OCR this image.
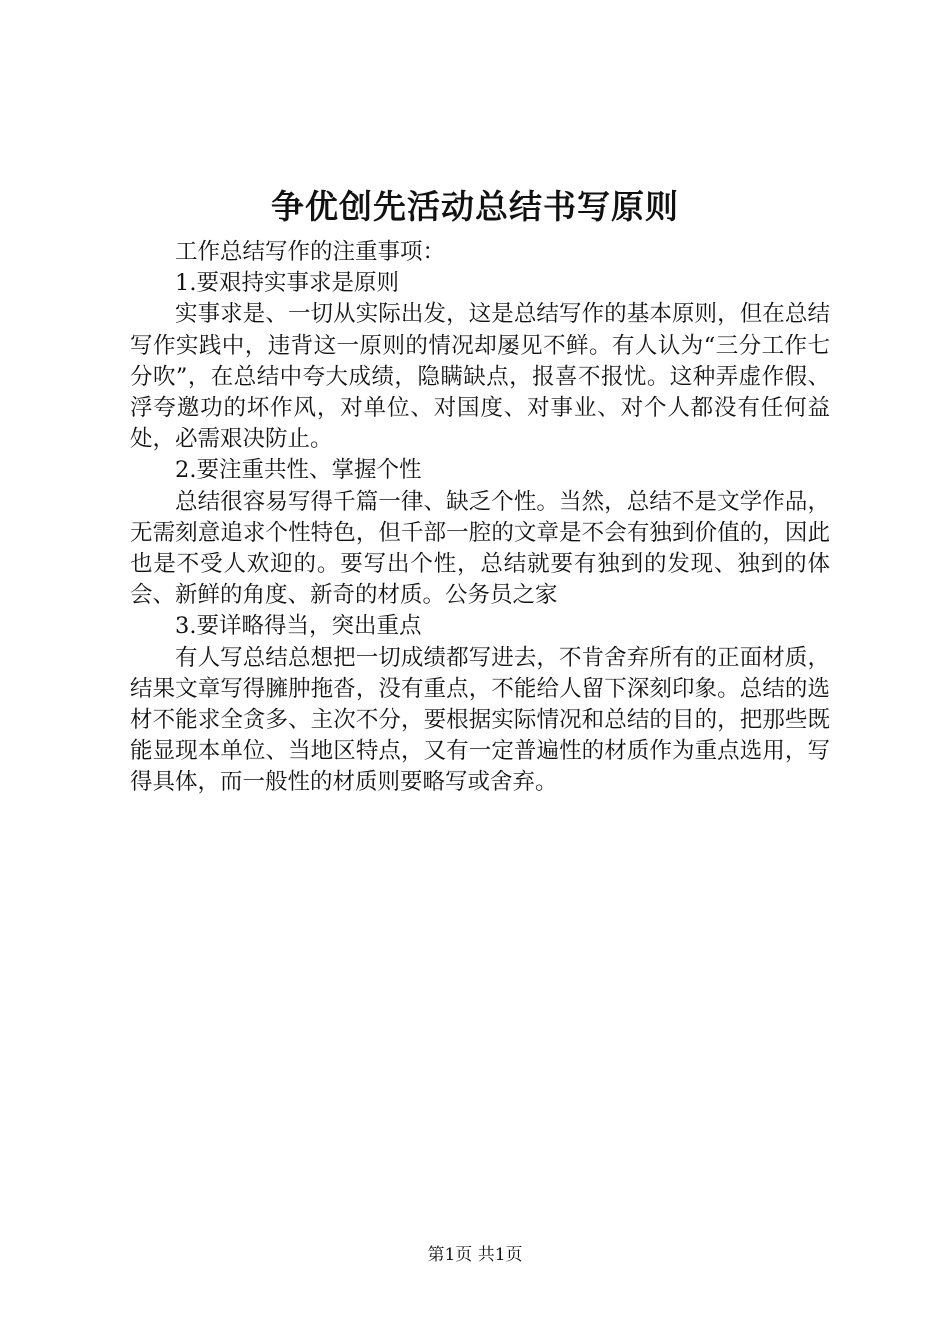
争优创先活动总结书写原则

工作总结写作的注重事项：

1.要艰持实事求是原则

实事求是、一切从实际出发，这是总结写作的基本原则，但在总结写作实践中，违背这一原则的情况却屡见不鲜。有人认为“三分工作七分吹”，在总结中夸大成绩，隐瞒缺点，报喜不报忧。这种弄虚作假、浮夸邀功的坏作风，对单位、对国度、对事业、对个人都没有任何益处，必需艰决防止。

2.要注重共性、掌握个性

总结很容易写得千篇一律、缺乏个性。当然，总结不是文学作品，无需刻意追求个性特色，但千部一腔的文章是不会有独到价值的，因此也是不受人欢迎的。要写出个性，总结就要有独到的发现、独到的体会、新鲜的角度、新奇的材质。公务员之家

3.要详略得当，突出重点

有人写总结总想把一切成绩都写进去，不肯舍弃所有的正面材质，结果文章写得臃肿拖沓，没有重点，不能给人留下深刻印象。总结的选材不能求全贪多、主次不分，要根据实际情况和总结的目的，把那些既能显现本单位、当地区特点，又有一定普遍性的材质作为重点选用，写得具体，而一般性的材质则要略写或舍弃。

第1页 共1页
